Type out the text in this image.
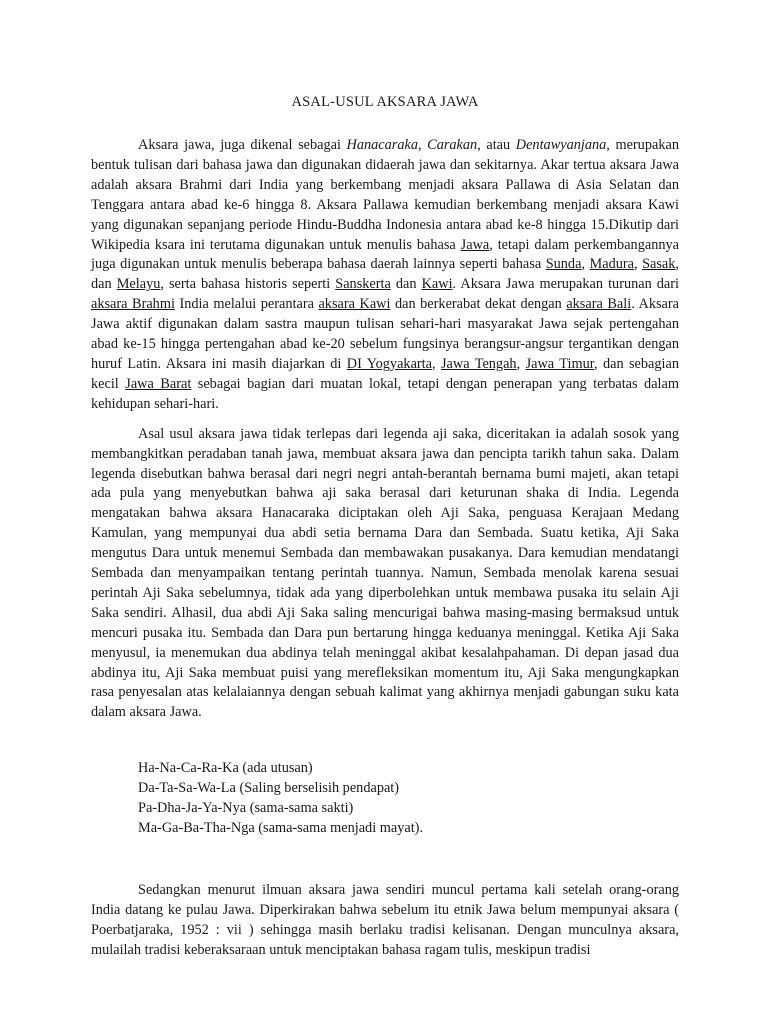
ASAL-USUL AKSARA JAWA

Aksara jawa, juga dikenal sebagai Hanacaraka, Carakan, atau Dentawyanjana, merupakan bentuk tulisan dari bahasa jawa dan digunakan didaerah jawa dan sekitarnya. Akar tertua aksara Jawa adalah aksara Brahmi dari India yang berkembang menjadi aksara Pallawa di Asia Selatan dan Tenggara antara abad ke-6 hingga 8. Aksara Pallawa kemudian berkembang menjadi aksara Kawi yang digunakan sepanjang periode Hindu-Buddha Indonesia antara abad ke-8 hingga 15.Dikutip dari Wikipedia ksara ini terutama digunakan untuk menulis bahasa Jawa, tetapi dalam perkembangannya juga digunakan untuk menulis beberapa bahasa daerah lainnya seperti bahasa Sunda, Madura, Sasak, dan Melayu, serta bahasa historis seperti Sanskerta dan Kawi. Aksara Jawa merupakan turunan dari aksara Brahmi India melalui perantara aksara Kawi dan berkerabat dekat dengan aksara Bali. Aksara Jawa aktif digunakan dalam sastra maupun tulisan sehari-hari masyarakat Jawa sejak pertengahan abad ke-15 hingga pertengahan abad ke-20 sebelum fungsinya berangsur-angsur tergantikan dengan huruf Latin. Aksara ini masih diajarkan di DI Yogyakarta, Jawa Tengah, Jawa Timur, dan sebagian kecil Jawa Barat sebagai bagian dari muatan lokal, tetapi dengan penerapan yang terbatas dalam kehidupan sehari-hari.

Asal usul aksara jawa tidak terlepas dari legenda aji saka, diceritakan ia adalah sosok yang membangkitkan peradaban tanah jawa, membuat aksara jawa dan pencipta tarikh tahun saka. Dalam legenda disebutkan bahwa berasal dari negri negri antah-berantah bernama bumi majeti, akan tetapi ada pula yang menyebutkan bahwa aji saka berasal dari keturunan shaka di India. Legenda mengatakan bahwa aksara Hanacaraka diciptakan oleh Aji Saka, penguasa Kerajaan Medang Kamulan, yang mempunyai dua abdi setia bernama Dara dan Sembada. Suatu ketika, Aji Saka mengutus Dara untuk menemui Sembada dan membawakan pusakanya. Dara kemudian mendatangi Sembada dan menyampaikan tentang perintah tuannya. Namun, Sembada menolak karena sesuai perintah Aji Saka sebelumnya, tidak ada yang diperbolehkan untuk membawa pusaka itu selain Aji Saka sendiri. Alhasil, dua abdi Aji Saka saling mencurigai bahwa masing-masing bermaksud untuk mencuri pusaka itu. Sembada dan Dara pun bertarung hingga keduanya meninggal. Ketika Aji Saka menyusul, ia menemukan dua abdinya telah meninggal akibat kesalahpahaman. Di depan jasad dua abdinya itu, Aji Saka membuat puisi yang merefleksikan momentum itu, Aji Saka mengungkapkan rasa penyesalan atas kelalaiannya dengan sebuah kalimat yang akhirnya menjadi gabungan suku kata dalam aksara Jawa.

Ha-Na-Ca-Ra-Ka (ada utusan)
Da-Ta-Sa-Wa-La (Saling berselisih pendapat)
Pa-Dha-Ja-Ya-Nya (sama-sama sakti)
Ma-Ga-Ba-Tha-Nga (sama-sama menjadi mayat).

Sedangkan menurut ilmuan aksara jawa sendiri muncul pertama kali setelah orang-orang India datang ke pulau Jawa. Diperkirakan bahwa sebelum itu etnik Jawa belum mempunyai aksara ( Poerbatjaraka, 1952 : vii ) sehingga masih berlaku tradisi kelisanan. Dengan munculnya aksara, mulailah tradisi keberaksaraan untuk menciptakan bahasa ragam tulis, meskipun tradisi
